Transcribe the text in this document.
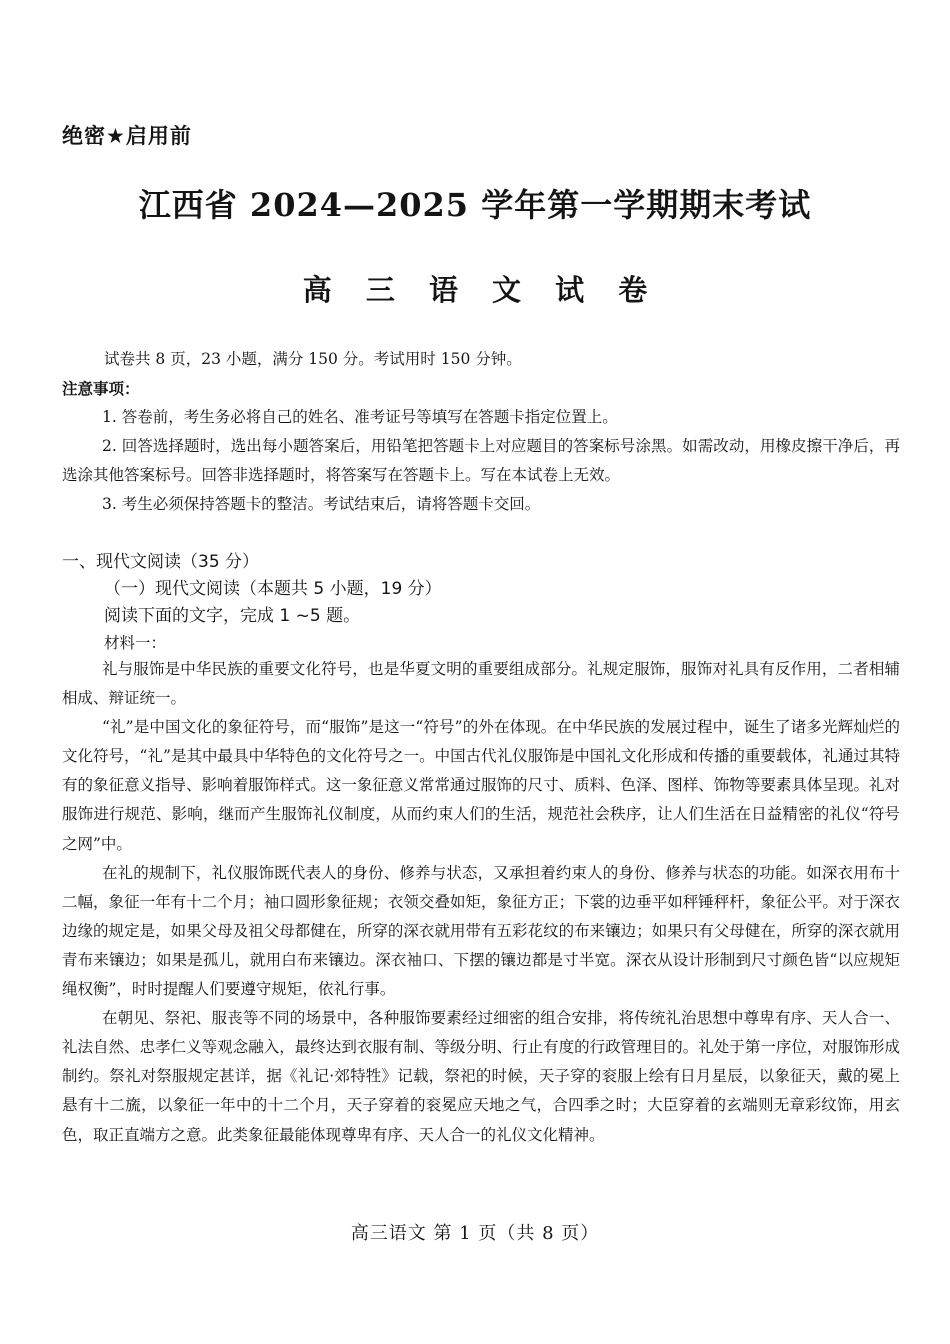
绝密★启用前
江西省 2024—2025 学年第一学期期末考试
高 三 语 文 试 卷
试卷共 8 页，23 小题，满分 150 分。考试用时 150 分钟。
注意事项：

1. 答卷前，考生务必将自己的姓名、准考证号等填写在答题卡指定位置上。

2. 回答选择题时，选出每小题答案后，用铅笔把答题卡上对应题目的答案标号涂黑。如需改动，用橡皮擦干净后，再选涂其他答案标号。回答非选择题时，将答案写在答题卡上。写在本试卷上无效。

3. 考生必须保持答题卡的整洁。考试结束后，请将答题卡交回。

一、现代文阅读（35 分）
（一）现代文阅读（本题共 5 小题，19 分）
阅读下面的文字，完成 1 ~5 题。
材料一：

礼与服饰是中华民族的重要文化符号，也是华夏文明的重要组成部分。礼规定服饰，服饰对礼具有反作用，二者相辅相成、辩证统一。

“礼”是中国文化的象征符号，而“服饰”是这一“符号”的外在体现。在中华民族的发展过程中，诞生了诸多光辉灿烂的文化符号，“礼”是其中最具中华特色的文化符号之一。中国古代礼仪服饰是中国礼文化形成和传播的重要载体，礼通过其特有的象征意义指导、影响着服饰样式。这一象征意义常常通过服饰的尺寸、质料、色泽、图样、饰物等要素具体呈现。礼对服饰进行规范、影响，继而产生服饰礼仪制度，从而约束人们的生活，规范社会秩序，让人们生活在日益精密的礼仪“符号之网”中。

在礼的规制下，礼仪服饰既代表人的身份、修养与状态，又承担着约束人的身份、修养与状态的功能。如深衣用布十二幅，象征一年有十二个月；袖口圆形象征规；衣领交叠如矩，象征方正；下裳的边垂平如秤锤秤杆，象征公平。对于深衣边缘的规定是，如果父母及祖父母都健在，所穿的深衣就用带有五彩花纹的布来镶边；如果只有父母健在，所穿的深衣就用青布来镶边；如果是孤儿，就用白布来镶边。深衣袖口、下摆的镶边都是寸半宽。深衣从设计形制到尺寸颜色皆“以应规矩绳权衡”，时时提醒人们要遵守规矩，依礼行事。

在朝见、祭祀、服丧等不同的场景中，各种服饰要素经过细密的组合安排，将传统礼治思想中尊卑有序、天人合一、礼法自然、忠孝仁义等观念融入，最终达到衣服有制、等级分明、行止有度的行政管理目的。礼处于第一序位，对服饰形成制约。祭礼对祭服规定甚详，据《礼记·郊特牲》记载，祭祀的时候，天子穿的衮服上绘有日月星辰，以象征天，戴的冕上悬有十二旒，以象征一年中的十二个月，天子穿着的衮冕应天地之气，合四季之时；大臣穿着的玄端则无章彩纹饰，用玄色，取正直端方之意。此类象征最能体现尊卑有序、天人合一的礼仪文化精神。

高三语文 第 1 页（共 8 页）
